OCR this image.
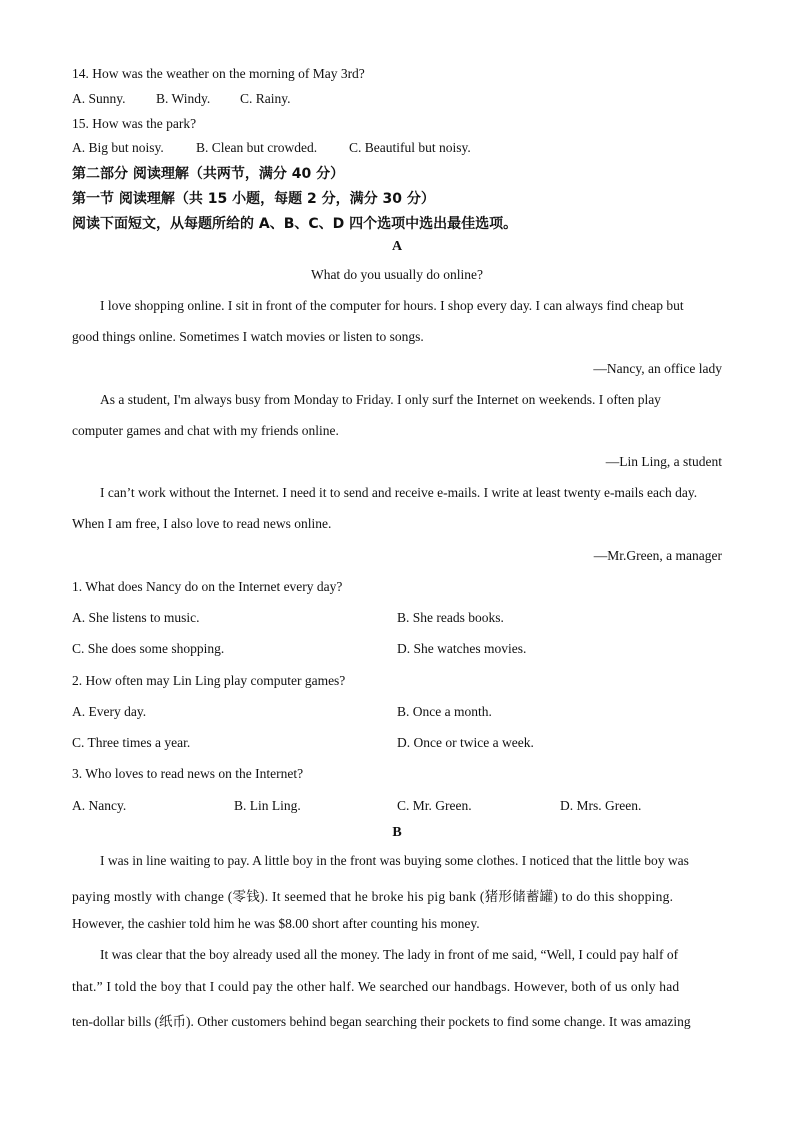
14. How was the weather on the morning of May 3rd?
A. Sunny. B. Windy. C. Rainy.
15. How was the park?
A. Big but noisy. B. Clean but crowded. C. Beautiful but noisy.
第二部分 阅读理解（共两节，满分 40 分）
第一节 阅读理解（共 15 小题，每题 2 分，满分 30 分）
阅读下面短文，从每题所给的 A、B、C、D 四个选项中选出最佳选项。
A
What do you usually do online?
I love shopping online. I sit in front of the computer for hours. I shop every day. I can always find cheap but
good things online. Sometimes I watch movies or listen to songs.
—Nancy, an office lady
As a student, I'm always busy from Monday to Friday. I only surf the Internet on weekends. I often play
computer games and chat with my friends online.
—Lin Ling, a student
I can’t work without the Internet. I need it to send and receive e-mails. I write at least twenty e-mails each day.
When I am free, I also love to read news online.
—Mr.Green, a manager
1. What does Nancy do on the Internet every day?
A. She listens to music.	B. She reads books.
C. She does some shopping.	D. She watches movies.
2. How often may Lin Ling play computer games?
A. Every day.	B. Once a month.
C. Three times a year.	D. Once or twice a week.
3. Who loves to read news on the Internet?
A. Nancy.	B. Lin Ling.	C. Mr. Green.	D. Mrs. Green.
B
I was in line waiting to pay. A little boy in the front was buying some clothes. I noticed that the little boy was
paying mostly with change (零钱). It seemed that he broke his pig bank (猪形储蓄罐) to do this shopping.
However, the cashier told him he was $8.00 short after counting his money.
It was clear that the boy already used all the money. The lady in front of me said, “Well, I could pay half of
that.” I told the boy that I could pay the other half. We searched our handbags. However, both of us only had
ten-dollar bills (纸币). Other customers behind began searching their pockets to find some change. It was amazing
